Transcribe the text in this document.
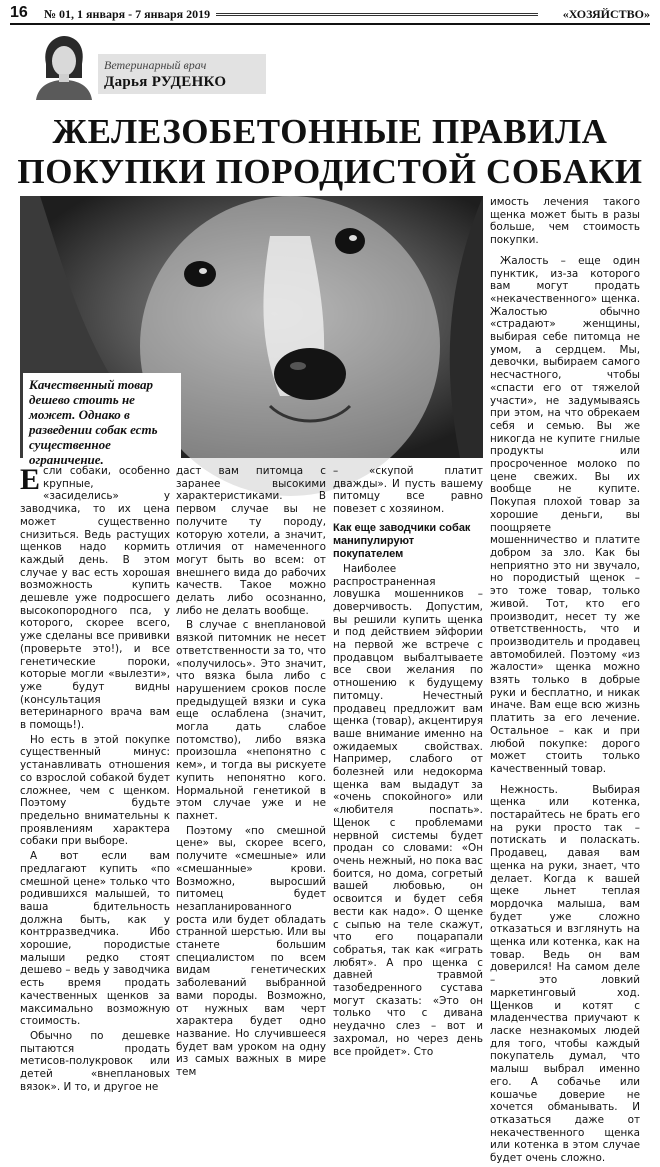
16 № 01, 1 января - 7 января 2019	«ХОЗЯЙСТВО»
Ветеринарный врач
Дарья РУДЕНКО
ЖЕЛЕЗОБЕТОННЫЕ ПРАВИЛА
ПОКУПКИ ПОРОДИСТОЙ СОБАКИ

Качественный товар дешево стоить не может. Однако в разведении собак есть существенное ограничение.

Если собаки, особенно крупные, «засиделись» у заводчика, то их цена может существенно снизиться. Ведь растущих щенков надо кормить каждый день. В этом случае у вас есть хорошая возможность купить дешевле уже подросшего высокопородного пса, у которого, скорее всего, уже сделаны все прививки (проверьте это!), и все генетические пороки, которые могли «вылезти», уже будут видны (консультация ветеринарного врача вам в помощь!).

Но есть в этой покупке существенный минус: устанавливать отношения со взрослой собакой будет сложнее, чем с щенком. Поэтому будьте предельно внимательны к проявлениям характера собаки при выборе.

А вот если вам предлагают купить «по смешной цене» только что родившихся малышей, то ваша бдительность должна быть, как у контрразведчика. Ибо хорошие, породистые малыши редко стоят дешево – ведь у заводчика есть время продать качественных щенков за максимально возможную стоимость.

Обычно по дешевке пытаются продать метисов-полукровок или детей «внеплановых вязок». И то, и другое не

даст вам питомца с заранее высокими характеристиками. В первом случае вы не получите ту породу, которую хотели, а значит, отличия от намеченного могут быть во всем: от внешнего вида до рабочих качеств. Такое можно делать либо осознанно, либо не делать вообще.

В случае с внеплановой вязкой питомник не несет ответственности за то, что «получилось». Это значит, что вязка была либо с нарушением сроков после предыдущей вязки и сука еще ослаблена (значит, могла дать слабое потомство), либо вязка произошла «непонятно с кем», и тогда вы рискуете купить непонятно кого. Нормальной генетикой в этом случае уже и не пахнет.

Поэтому «по смешной цене» вы, скорее всего, получите «смешные» или «смешанные» крови. Возможно, выросший питомец будет незапланированного роста или будет обладать странной шерстью. Или вы станете большим специалистом по всем видам генетических заболеваний выбранной вами породы. Возможно, от нужных вам черт характера будет одно название. Но случившееся будет вам уроком на одну из самых важных в мире тем

– «скупой платит дважды». И пусть вашему питомцу все равно повезет с хозяином.

Как еще заводчики собак манипулируют покупателем

Наиболее распространенная ловушка мошенников – доверчивость. Допустим, вы решили купить щенка и под действием эйфории на первой же встрече с продавцом выбалтываете все свои желания по отношению к будущему питомцу. Нечестный продавец предложит вам щенка (товар), акцентируя ваше внимание именно на ожидаемых свойствах. Например, слабого от болезней или недокорма щенка вам выдадут за «очень спокойного» или «любителя поспать». Щенок с проблемами нервной системы будет продан со словами: «Он очень нежный, но пока вас боится, но дома, согретый вашей любовью, он освоится и будет себя вести как надо». О щенке с сыпью на теле скажут, что его поцарапали собратья, так как «играть любят». А про щенка с давней травмой тазобедренного сустава могут сказать: «Это он только что с дивана неудачно слез – вот и захромал, но через день все пройдет». Сто

имость лечения такого щенка может быть в разы больше, чем стоимость покупки.

Жалость – еще один пунктик, из-за которого вам могут продать «некачественного» щенка. Жалостью обычно «страдают» женщины, выбирая себе питомца не умом, а сердцем. Мы, девочки, выбираем самого несчастного, чтобы «спасти его от тяжелой участи», не задумываясь при этом, на что обрекаем себя и семью. Вы же никогда не купите гнилые продукты или просроченное молоко по цене свежих. Вы их вообще не купите. Покупая плохой товар за хорошие деньги, вы поощряете мошенничество и платите добром за зло. Как бы неприятно это ни звучало, но породистый щенок – это тоже товар, только живой. Тот, кто его производит, несет ту же ответственность, что и производитель и продавец автомобилей. Поэтому «из жалости» щенка можно взять только в добрые руки и бесплатно, и никак иначе. Вам еще всю жизнь платить за его лечение. Остальное – как и при любой покупке: дорого может стоить только качественный товар.

Нежность. Выбирая щенка или котенка, постарайтесь не брать его на руки просто так – потискать и поласкать. Продавец, давая вам щенка на руки, знает, что делает. Когда к вашей щеке льнет теплая мордочка малыша, вам будет уже сложно отказаться и взглянуть на щенка или котенка, как на товар. Ведь он вам доверился! На самом деле – это ловкий маркетинговый ход. Щенков и котят с младенчества приучают к ласке незнакомых людей для того, чтобы каждый покупатель думал, что малыш выбрал именно его. А собачье или кошачье доверие не хочется обманывать. И отказаться даже от некачественного щенка или котенка в этом случае будет очень сложно.
